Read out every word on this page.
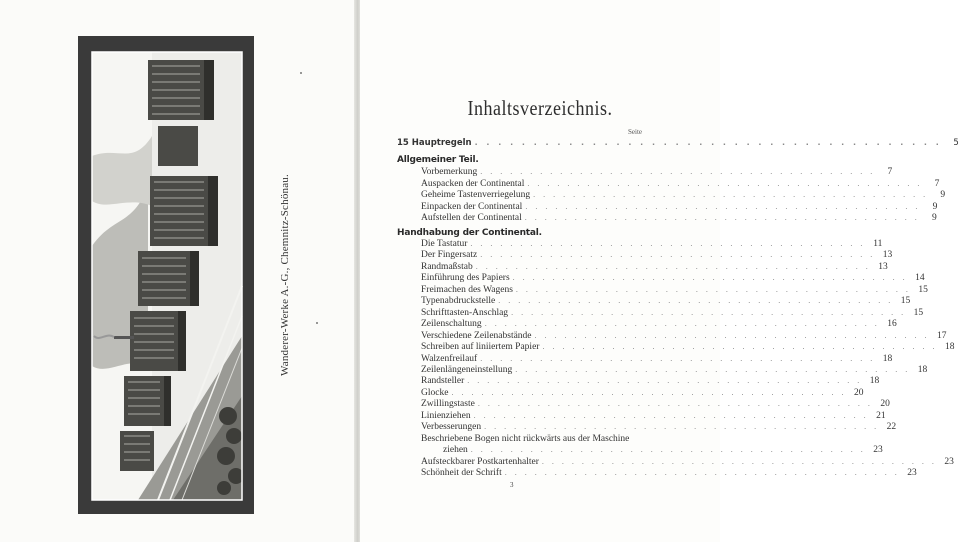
Wanderer-Werke A.-G., Chemnitz-Schönau.
Inhaltsverzeichnis.
Seite
15 Hauptregeln . . . . . . . . . . . . . . . . . . . . . . . . . . . . . . . . . . . . . . . .	5
Allgemeiner Teil.
Vorbemerkung . . . . . . . . . . . . . . . . . . . . . . . . . . . . . . . . . . . . . . . .	7
Auspacken der Continental . . . . . . . . . . . . . . . . . . . . . . . . . . . . . . . . . . . . . . . .	7
Geheime Tastenverriegelung . . . . . . . . . . . . . . . . . . . . . . . . . . . . . . . . . . . . . . . .	9
Einpacken der Continental . . . . . . . . . . . . . . . . . . . . . . . . . . . . . . . . . . . . . . . .	9
Aufstellen der Continental . . . . . . . . . . . . . . . . . . . . . . . . . . . . . . . . . . . . . . . .	9
Handhabung der Continental.
Die Tastatur . . . . . . . . . . . . . . . . . . . . . . . . . . . . . . . . . . . . . . . . 11
Der Fingersatz . . . . . . . . . . . . . . . . . . . . . . . . . . . . . . . . . . . . . . . . 13
Randmaßstab . . . . . . . . . . . . . . . . . . . . . . . . . . . . . . . . . . . . . . . . 13
Einführung des Papiers . . . . . . . . . . . . . . . . . . . . . . . . . . . . . . . . . . . . . . . . 14
Freimachen des Wagens . . . . . . . . . . . . . . . . . . . . . . . . . . . . . . . . . . . . . . . . 15
Typenabdruckstelle . . . . . . . . . . . . . . . . . . . . . . . . . . . . . . . . . . . . . . . . 15
Schrifttasten-Anschlag . . . . . . . . . . . . . . . . . . . . . . . . . . . . . . . . . . . . . . . . 15
Zeilenschaltung . . . . . . . . . . . . . . . . . . . . . . . . . . . . . . . . . . . . . . . . 16
Verschiedene Zeilenabstände . . . . . . . . . . . . . . . . . . . . . . . . . . . . . . . . . . . . . . . . 17
Schreiben auf liniiertem Papier . . . . . . . . . . . . . . . . . . . . . . . . . . . . . . . . . . . . . . . . 18
Walzenfreilauf . . . . . . . . . . . . . . . . . . . . . . . . . . . . . . . . . . . . . . . . 18
Zeilenlängeneinstellung . . . . . . . . . . . . . . . . . . . . . . . . . . . . . . . . . . . . . . . . 18
Randsteller . . . . . . . . . . . . . . . . . . . . . . . . . . . . . . . . . . . . . . . . 18
Glocke . . . . . . . . . . . . . . . . . . . . . . . . . . . . . . . . . . . . . . . . 20
Zwillingstaste . . . . . . . . . . . . . . . . . . . . . . . . . . . . . . . . . . . . . . . . 20
Linienziehen . . . . . . . . . . . . . . . . . . . . . . . . . . . . . . . . . . . . . . . . 21
Verbesserungen . . . . . . . . . . . . . . . . . . . . . . . . . . . . . . . . . . . . . . . . 22
Beschriebene Bogen nicht rückwärts aus der Maschine
ziehen . . . . . . . . . . . . . . . . . . . . . . . . . . . . . . . . . . . . . . . . 23
Aufsteckbarer Postkartenhalter . . . . . . . . . . . . . . . . . . . . . . . . . . . . . . . . . . . . . . . . 23
Schönheit der Schrift . . . . . . . . . . . . . . . . . . . . . . . . . . . . . . . . . . . . . . . . 23
3
